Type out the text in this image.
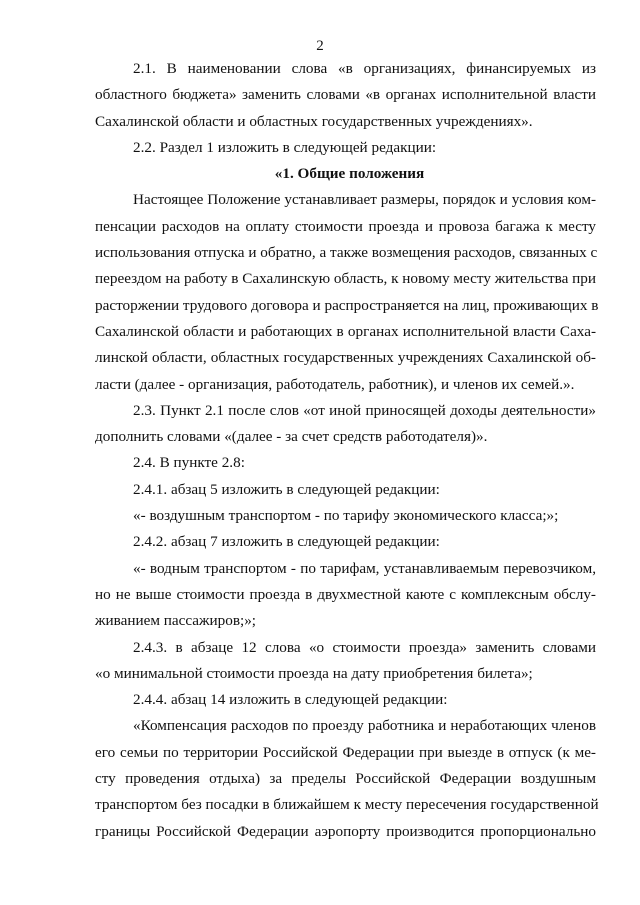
2
2.1. В наименовании слова «в организациях, финансируемых из
областного бюджета» заменить словами «в органах исполнительной власти
Сахалинской области и областных государственных учреждениях».
2.2. Раздел 1 изложить в следующей редакции:
«1. Общие положения
Настоящее Положение устанавливает размеры, порядок и условия ком-
пенсации расходов на оплату стоимости проезда и провоза багажа к месту
использования отпуска и обратно, а также возмещения расходов, связанных с
переездом на работу в Сахалинскую область, к новому месту жительства при
расторжении трудового договора и распространяется на лиц, проживающих в
Сахалинской области и работающих в органах исполнительной власти Саха-
линской области, областных государственных учреждениях Сахалинской об-
ласти (далее - организация, работодатель, работник), и членов их семей.».
2.3. Пункт 2.1 после слов «от иной приносящей доходы деятельности»
дополнить словами «(далее - за счет средств работодателя)».
2.4. В пункте 2.8:
2.4.1. абзац 5 изложить в следующей редакции:
«- воздушным транспортом - по тарифу экономического класса;»;
2.4.2. абзац 7 изложить в следующей редакции:
«- водным транспортом - по тарифам, устанавливаемым перевозчиком,
но не выше стоимости проезда в двухместной каюте с комплексным обслу-
живанием пассажиров;»;
2.4.3. в абзаце 12 слова «о стоимости проезда» заменить словами
«о минимальной стоимости проезда на дату приобретения билета»;
2.4.4. абзац 14 изложить в следующей редакции:
«Компенсация расходов по проезду работника и неработающих членов
его семьи по территории Российской Федерации при выезде в отпуск (к ме-
сту проведения отдыха) за пределы Российской Федерации воздушным
транспортом без посадки в ближайшем к месту пересечения государственной
границы Российской Федерации аэропорту производится пропорционально
